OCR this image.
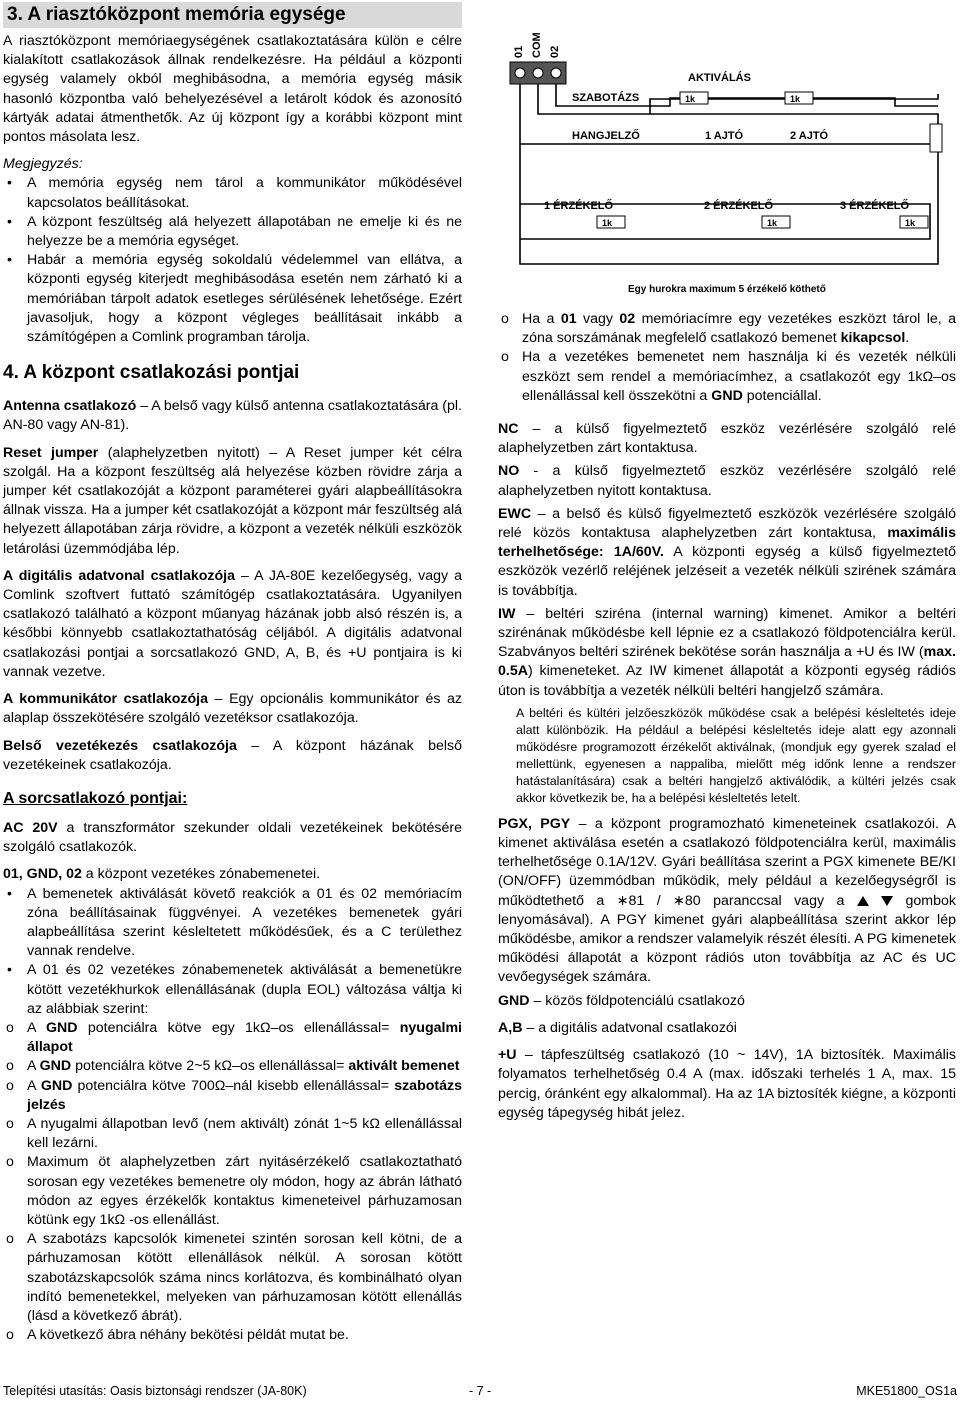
3. A riasztóközpont memória egysége

A riasztóközpont memóriaegységének csatlakoztatására külön e célre kialakított csatlakozások állnak rendelkezésre. Ha például a központi egység valamely okból meghibásodna, a memória egység másik hasonló központba való behelyezésével a letárolt kódok és azonosító kártyák adatai átmenthetők. Az új központ így a korábbi központ mint pontos másolata lesz.

Megjegyzés:

• A memória egység nem tárol a kommunikátor működésével kapcsolatos beállításokat.
• A központ feszültség alá helyezett állapotában ne emelje ki és ne helyezze be a memória egységet.
• Habár a memória egység sokoldalú védelemmel van ellátva, a központi egység kiterjedt meghibásodása esetén nem zárható ki a memóriában tárpolt adatok esetleges sérülésének lehetősége. Ezért javasoljuk, hogy a központ végleges beállításait inkább a számítógépen a Comlink programban tárolja.
4. A központ csatlakozási pontjai

Antenna csatlakozó – A belső vagy külső antenna csatlakoztatására (pl. AN-80 vagy AN-81).

Reset jumper (alaphelyzetben nyitott) – A Reset jumper két célra szolgál. Ha a központ feszültség alá helyezése közben rövidre zárja a jumper két csatlakozóját a központ paraméterei gyári alapbeállításokra állnak vissza. Ha a jumper két csatlakozóját a központ már feszültség alá helyezett állapotában zárja rövidre, a központ a vezeték nélküli eszközök letárolási üzemmódjába lép.

A digitális adatvonal csatlakozója – A JA-80E kezelőegység, vagy a Comlink szoftvert futtató számítógép csatlakoztatására. Ugyanilyen csatlakozó található a központ műanyag házának jobb alsó részén is, a későbbi könnyebb csatlakoztathatóság céljából. A digitális adatvonal csatlakozási pontjai a sorcsatlakozó GND, A, B, és +U pontjaira is ki vannak vezetve.

A kommunikátor csatlakozója – Egy opcionális kommunikátor és az alaplap összekötésére szolgáló vezetéksor csatlakozója.

Belső vezetékezés csatlakozója – A központ házának belső vezetékeinek csatlakozója.

A sorcsatlakozó pontjai:

AC 20V a transzformátor szekunder oldali vezetékeinek bekötésére szolgáló csatlakozók.

01, GND, 02 a központ vezetékes zónabemenetei.

• A bemenetek aktiválását követő reakciók a 01 és 02 memóriacím zóna beállításainak függvényei. A vezetékes bemenetek gyári alapbeállítása szerint késleltetett működésűek, és a C területhez vannak rendelve.
• A 01 és 02 vezetékes zónabemenetek aktiválását a bemenetükre kötött vezetékhurkok ellenállásának (dupla EOL) változása váltja ki az alábbiak szerint:
o A GND potenciálra kötve egy 1kΩ–os ellenállással= nyugalmi állapot
o A GND potenciálra kötve 2~5 kΩ–os ellenállással= aktivált bemenet
o A GND potenciálra kötve 700Ω–nál kisebb ellenállással= szabotázs jelzés
o A nyugalmi állapotban levő (nem aktivált) zónát 1~5 kΩ ellenállással kell lezárni.
o Maximum öt alaphelyzetben zárt nyitásérzékelő csatlakoztatható sorosan egy vezetékes bemenetre oly módon, hogy az ábrán látható módon az egyes érzékelők kontaktus kimeneteivel párhuzamosan kötünk egy 1kΩ -os ellenállást.
o A szabotázs kapcsolók kimenetei szintén sorosan kell kötni, de a párhuzamosan kötött ellenállások nélkül. A sorosan kötött szabotázskapcsolók száma nincs korlátozva, és kombinálható olyan indító bemenetekkel, melyeken van párhuzamosan kötött ellenállás (lásd a következő ábrát).
o A következő ábra néhány bekötési példát mutat be.
01 COM 02
1k	1k
SZABOTÁZS
AKTIVÁLÁS
HANGJELZŐ	1 AJTÓ	2 AJTÓ
1 ÉRZÉKELŐ	2 ÉRZÉKELŐ	3 ÉRZÉKELŐ
1k	1k	1k
Egy hurokra maximum 5 érzékelő köthető
o Ha a 01 vagy 02 memóriacímre egy vezetékes eszközt tárol le, a zóna sorszámának megfelelő csatlakozó bemenet kikapcsol.
o Ha a vezetékes bemenetet nem használja ki és vezeték nélküli eszközt sem rendel a memóriacímhez, a csatlakozót egy 1kΩ–os ellenállással kell összekötni a GND potenciállal.

NC – a külső figyelmeztető eszköz vezérlésére szolgáló relé alaphelyzetben zárt kontaktusa.

NO - a külső figyelmeztető eszköz vezérlésére szolgáló relé alaphelyzetben nyitott kontaktusa.

EWC – a belső és külső figyelmeztető eszközök vezérlésére szolgáló relé közös kontaktusa alaphelyzetben zárt kontaktusa, maximális terhelhetősége: 1A/60V. A központi egység a külső figyelmeztető eszközök vezérlő reléjének jelzéseit a vezeték nélküli szirének számára is továbbítja.

IW – beltéri sziréna (internal warning) kimenet. Amikor a beltéri szirénának működésbe kell lépnie ez a csatlakozó földpotenciálra kerül. Szabványos beltéri szirének bekötése során használja a +U és IW (max. 0.5A) kimeneteket. Az IW kimenet állapotát a központi egység rádiós úton is továbbítja a vezeték nélküli beltéri hangjelző számára.

A beltéri és kültéri jelzőeszközök működése csak a belépési késleltetés ideje alatt különbözik. Ha például a belépési késleltetés ideje alatt egy azonnali működésre programozott érzékelőt aktiválnak, (mondjuk egy gyerek szalad el mellettünk, egyenesen a nappaliba, mielőtt még időnk lenne a rendszer hatástalanítására) csak a beltéri hangjelző aktiválódik, a kültéri jelzés csak akkor következik be, ha a belépési késleltetés letelt.

PGX, PGY – a központ programozható kimeneteinek csatlakozói. A kimenet aktiválása esetén a csatlakozó földpotenciálra kerül, maximális terhelhetősége 0.1A/12V. Gyári beállítása szerint a PGX kimenete BE/KI (ON/OFF) üzemmódban működik, mely például a kezelőegységről is működtethető a ∗81 / ∗80 paranccsal vagy a	gombok lenyomásával). A PGY kimenet gyári alapbeállítása szerint akkor lép működésbe, amikor a rendszer valamelyik részét élesíti. A PG kimenetek működési állapotát a központ rádiós uton továbbítja az AC és UC vevőegységek számára.

GND – közös földpotenciálú csatlakozó

A,B – a digitális adatvonal csatlakozói

+U – tápfeszültség csatlakozó (10 ~ 14V), 1A biztosíték. Maximális folyamatos terhelhetőség 0.4 A (max. időszaki terhelés 1 A, max. 15 percig, óránként egy alkalommal). Ha az 1A biztosíték kiégne, a központi egység tápegység hibát jelez.

Telepítési utasítás: Oasis biztonsági rendszer (JA-80K)	- 7 -	MKE51800_OS1a
